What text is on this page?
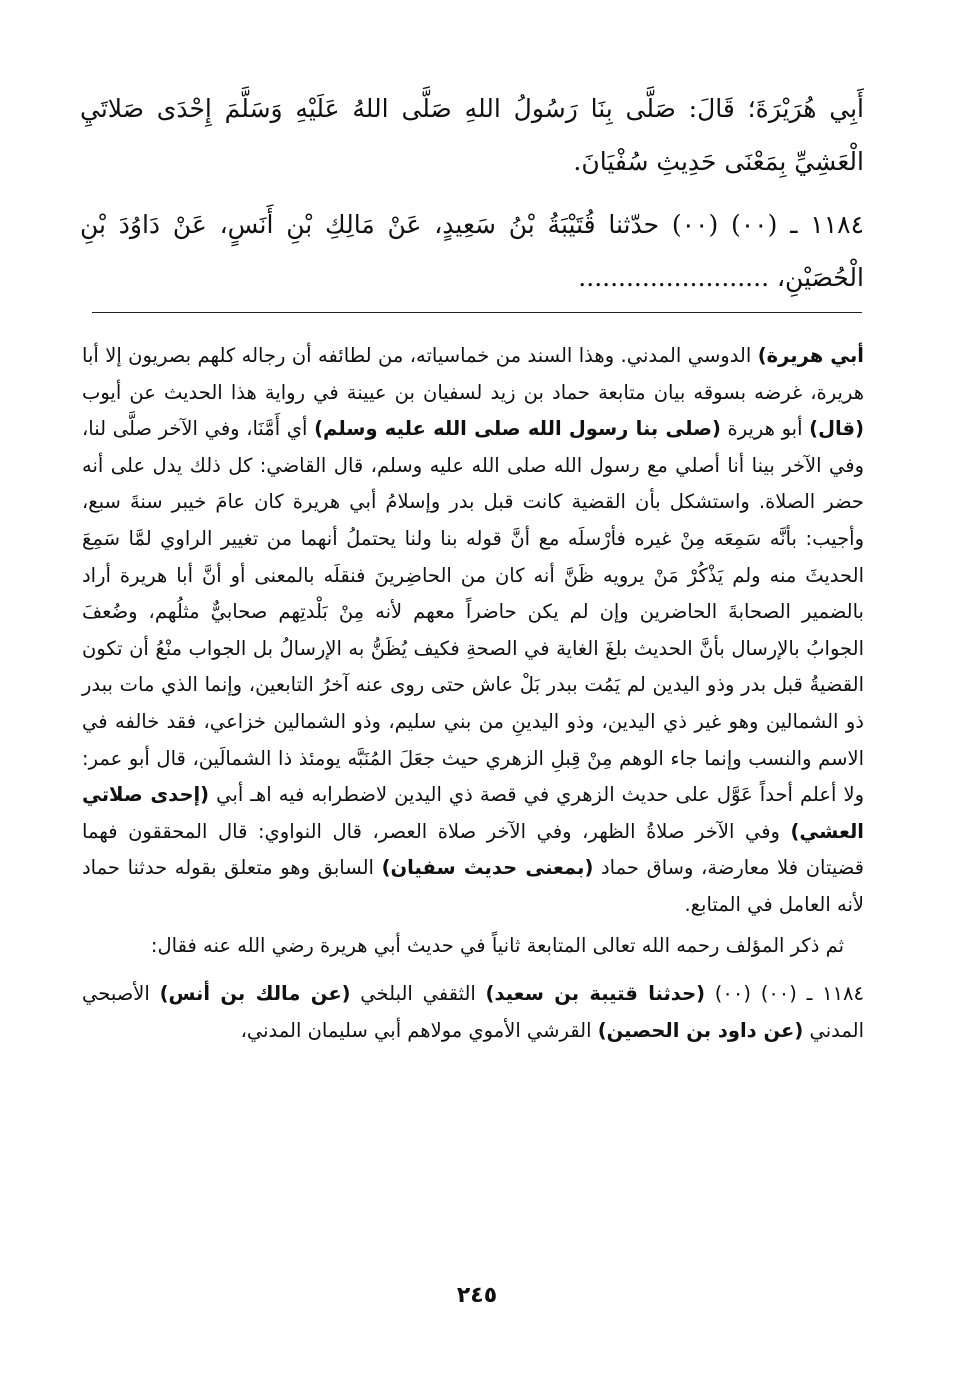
أَبِي هُرَيْرَةَ؛ قَالَ: صَلَّى بِنَا رَسُولُ اللهِ صَلَّى اللهُ عَلَيْهِ وَسَلَّمَ إِحْدَى صَلاتَيِ الْعَشِيِّ بِمَعْنَى حَدِيثِ سُفْيَانَ.

١١٨٤ ـ (٠٠) (٠٠) حدّثنا قُتَيْبَةُ بْنُ سَعِيدٍ، عَنْ مَالِكِ بْنِ أَنَسٍ، عَنْ دَاوُدَ بْنِ الْحُصَيْنِ، ........................

أبي هريرة) الدوسي المدني. وهذا السند من خماسياته، من لطائفه أن رجاله كلهم بصريون إلا أبا هريرة، غرضه بسوقه بيان متابعة حماد بن زيد لسفيان بن عيينة في رواية هذا الحديث عن أيوب (قال) أبو هريرة (صلى بنا رسول الله صلى الله عليه وسلم) أي أَمَّنَا، وفي الآخر صلَّى لنا، وفي الآخر بينا أنا أصلي مع رسول الله صلى الله عليه وسلم، قال القاضي: كل ذلك يدل على أنه حضر الصلاة. واستشكل بأن القضية كانت قبل بدر وإسلامُ أبي هريرة كان عامَ خيبر سنةَ سبع، وأجيب: بأنَّه سَمِعَه مِنْ غيره فأرْسلَه مع أنَّ قوله بنا ولنا يحتملُ أنهما من تغيير الراوي لمَّا سَمِعَ الحديثَ منه ولم يَذْكُرْ مَنْ يرويه ظَنَّ أنه كان من الحاضِرينَ فنقلَه بالمعنى أو أنَّ أبا هريرة أراد بالضمير الصحابةَ الحاضرين وإن لم يكن حاضراً معهم لأنه مِنْ بَلْدتِهم صحابيٌّ مثلُهم، وضُعفَ الجوابُ بالإرسال بأنَّ الحديث بلغَ الغاية في الصحةِ فكيف يُظَنُّ به الإرسالُ بل الجواب منْعُ أن تكون القضيةُ قبل بدر وذو اليدين لم يَمُت ببدر بَلْ عاش حتى روى عنه آخرُ التابعين، وإنما الذي مات ببدر ذو الشمالين وهو غير ذي اليدين، وذو اليدينِ من بني سليم، وذو الشمالين خزاعي، فقد خالفه في الاسم والنسب وإنما جاء الوهم مِنْ قِبلِ الزهري حيث جعَلَ المُنَبَّه يومئذ ذا الشمالَين، قال أبو عمر: ولا أعلم أحداً عَوَّل على حديث الزهري في قصة ذي اليدين لاضطرابه فيه اهـ أبي (إحدى صلاتي العشي) وفي الآخر صلاةُ الظهر، وفي الآخر صلاة العصر، قال النواوي: قال المحققون فهما قضيتان فلا معارضة، وساق حماد (بمعنى حديث سفيان) السابق وهو متعلق بقوله حدثنا حماد لأنه العامل في المتابع.

ثم ذكر المؤلف رحمه الله تعالى المتابعة ثانياً في حديث أبي هريرة رضي الله عنه فقال:

١١٨٤ ـ (٠٠) (٠٠) (حدثنا قتيبة بن سعيد) الثقفي البلخي (عن مالك بن أنس) الأصبحي المدني (عن داود بن الحصين) القرشي الأموي مولاهم أبي سليمان المدني،

٢٤٥
